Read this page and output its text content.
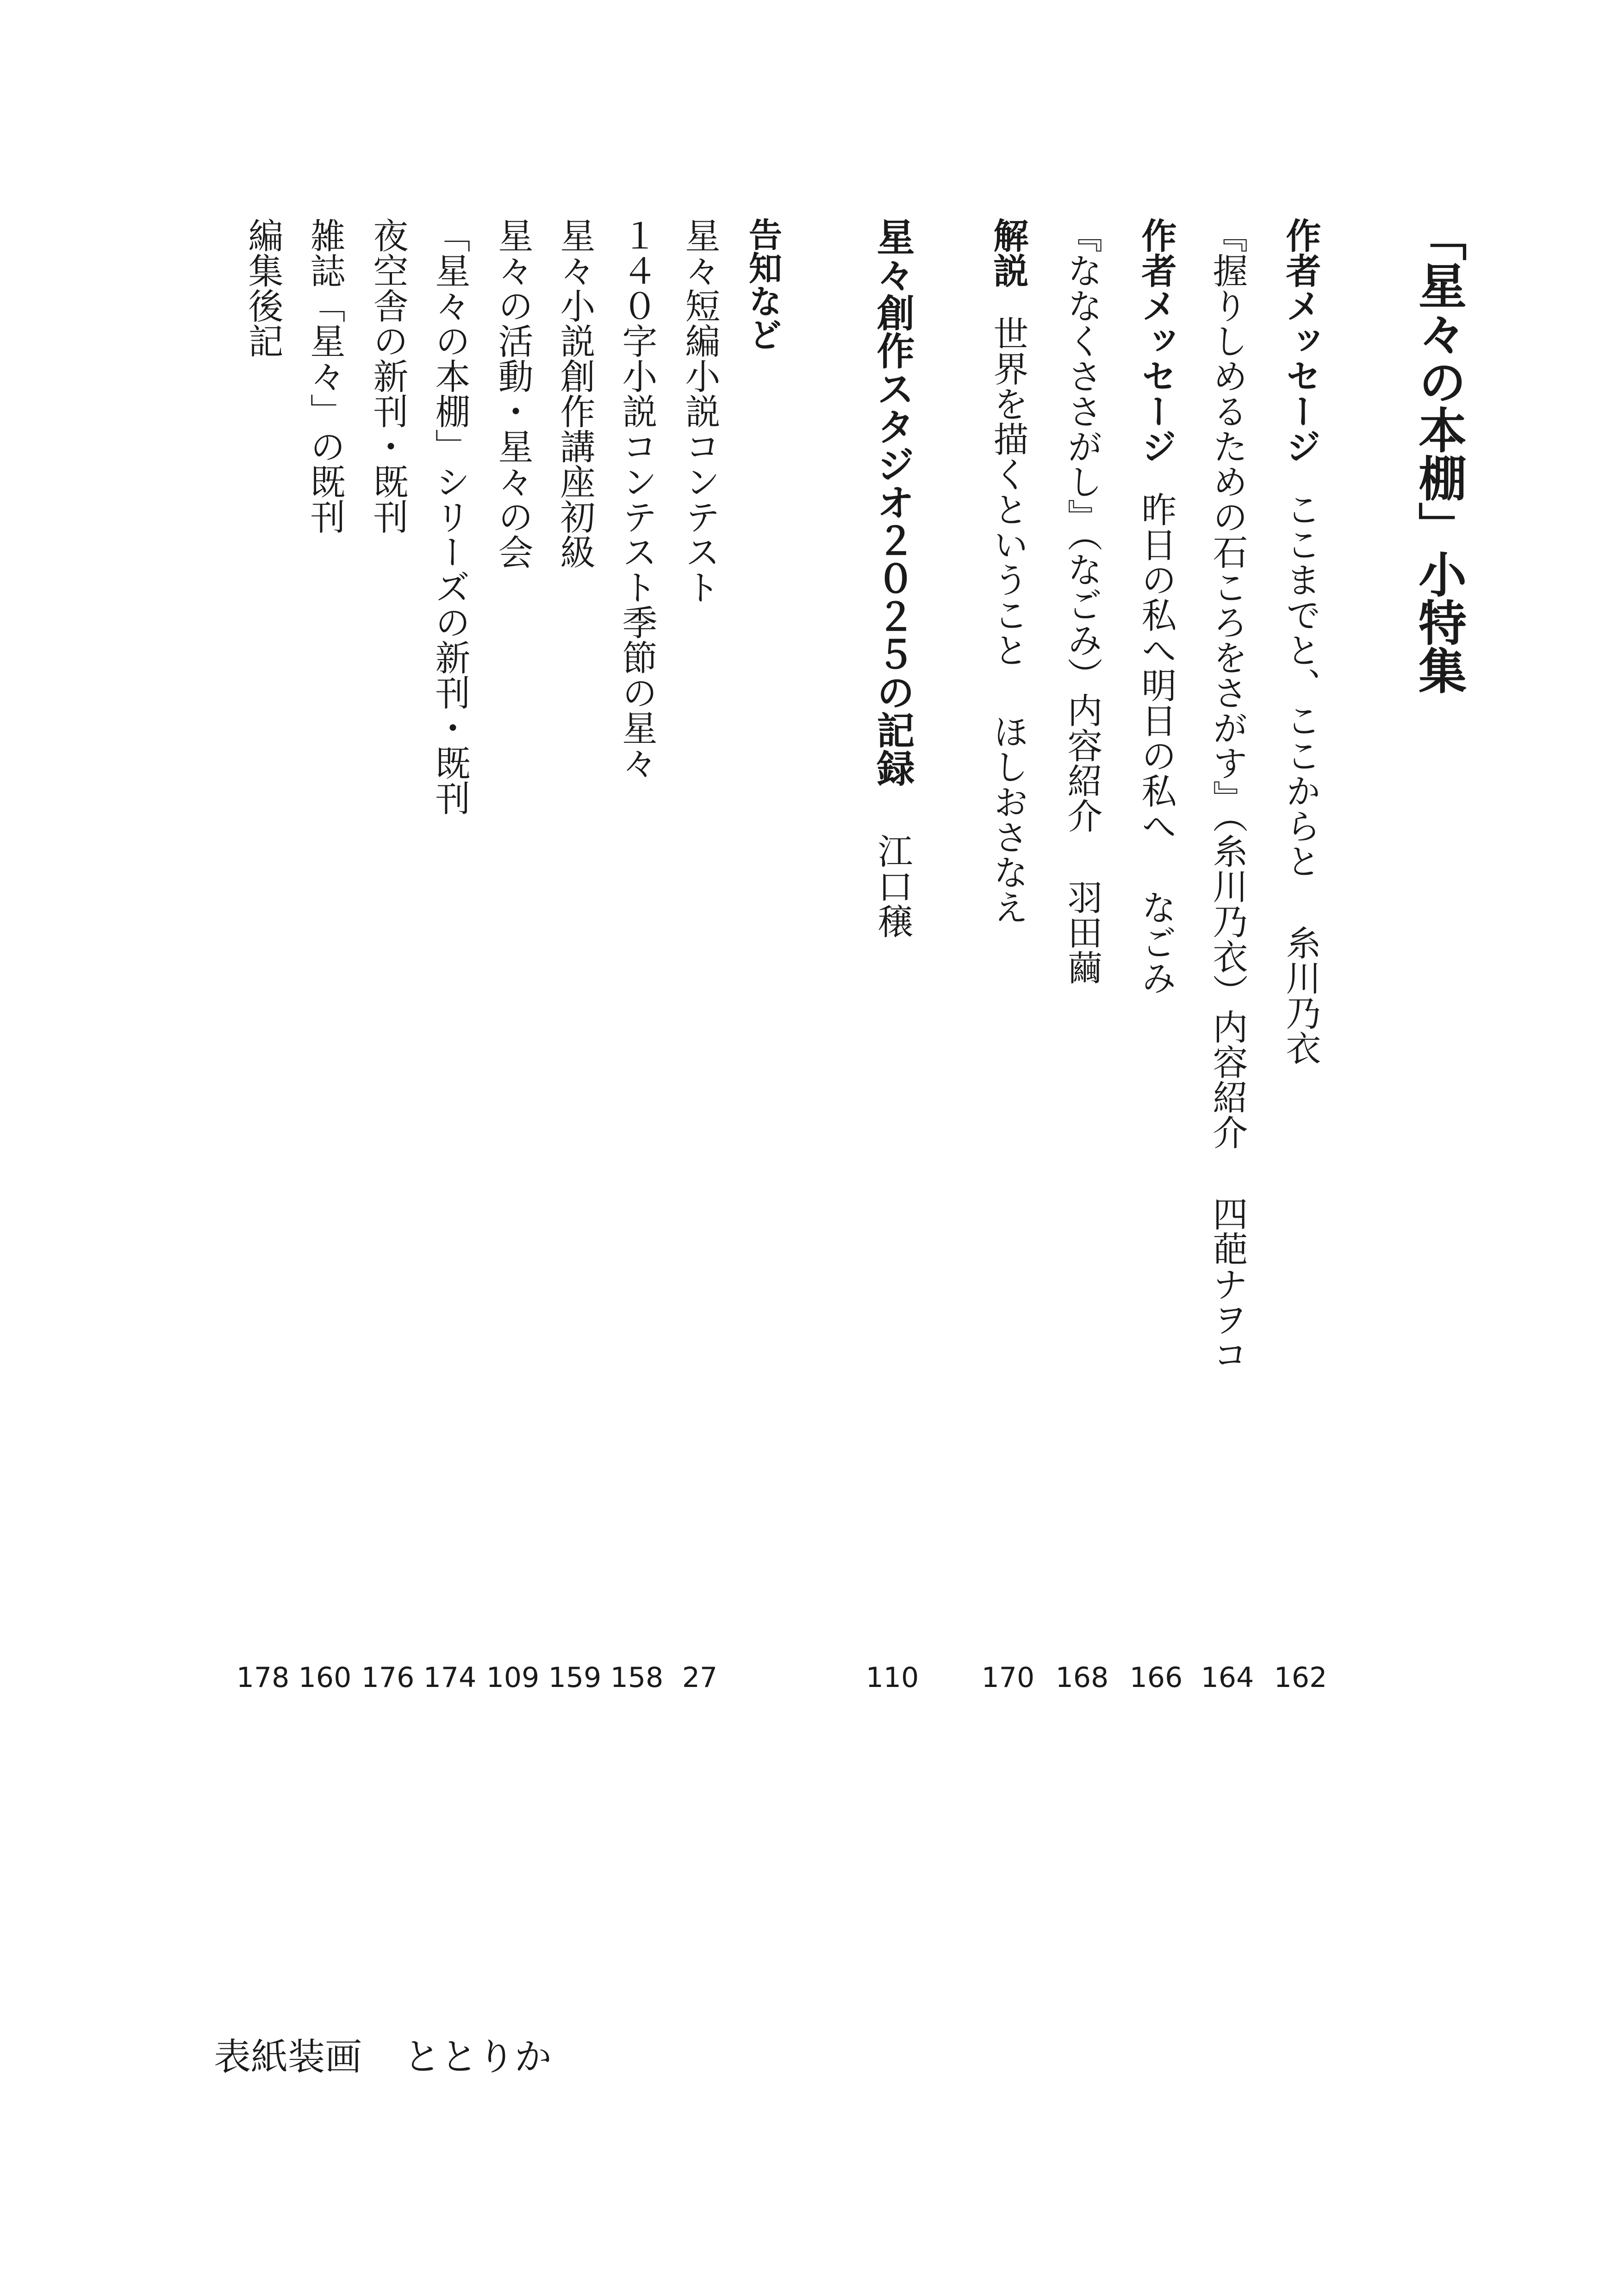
「星々の本棚」小特集

作者メッセージここまでと、ここからと糸川乃衣

『握りしめるための石ころをさがす』（糸川乃衣）内容紹介四葩ナヲコ

作者メッセージ昨日の私へ明日の私へなごみ

『ななくささがし』（なごみ）内容紹介羽田繭

解説世界を描くということほしおさなえ

星々創作スタジオ２０２５の記録江口穣

告知など

星々短編小説コンテスト

１４０字小説コンテスト季節の星々

星々小説創作講座初級

星々の活動・星々の会

「星々の本棚」シリーズの新刊・既刊

夜空舎の新刊・既刊

雑誌「星々」の既刊

編集後記

162
164
166
168
170
110
27
158
159
109
174
176
160
178
表紙装画 ととりか
